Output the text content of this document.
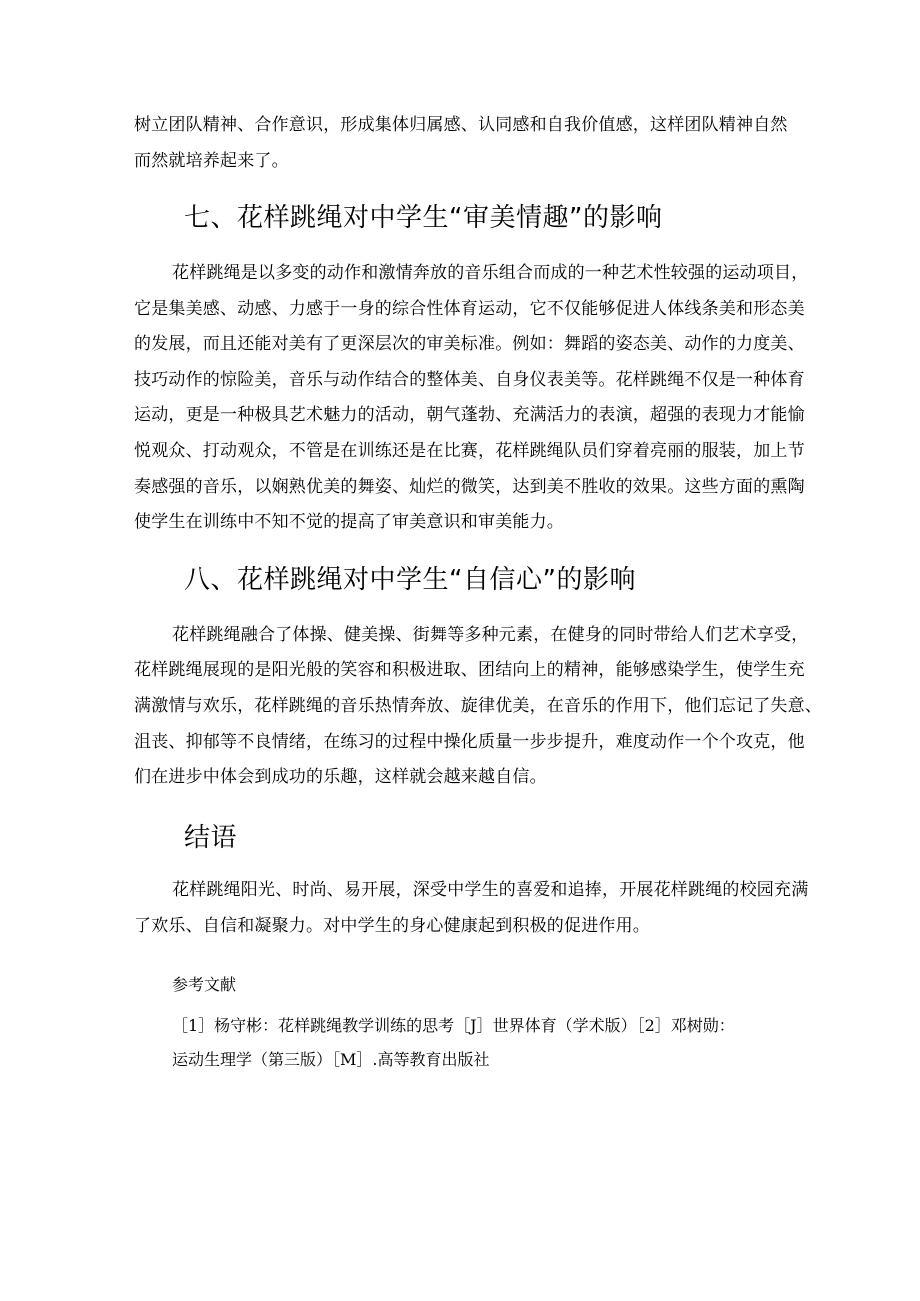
树立团队精神、合作意识，形成集体归属感、认同感和自我价值感，这样团队精神自然
而然就培养起来了。
七、花样跳绳对中学生“审美情趣”的影响
花样跳绳是以多变的动作和激情奔放的音乐组合而成的一种艺术性较强的运动项目，
它是集美感、动感、力感于一身的综合性体育运动，它不仅能够促进人体线条美和形态美
的发展，而且还能对美有了更深层次的审美标准。例如：舞蹈的姿态美、动作的力度美、
技巧动作的惊险美，音乐与动作结合的整体美、自身仪表美等。花样跳绳不仅是一种体育
运动，更是一种极具艺术魅力的活动，朝气蓬勃、充满活力的表演，超强的表现力才能愉
悦观众、打动观众，不管是在训练还是在比赛，花样跳绳队员们穿着亮丽的服装，加上节
奏感强的音乐，以娴熟优美的舞姿、灿烂的微笑，达到美不胜收的效果。这些方面的熏陶
使学生在训练中不知不觉的提高了审美意识和审美能力。
八、花样跳绳对中学生“自信心”的影响
花样跳绳融合了体操、健美操、街舞等多种元素，在健身的同时带给人们艺术享受，
花样跳绳展现的是阳光般的笑容和积极进取、团结向上的精神，能够感染学生，使学生充
满激情与欢乐，花样跳绳的音乐热情奔放、旋律优美，在音乐的作用下，他们忘记了失意、
沮丧、抑郁等不良情绪，在练习的过程中操化质量一步步提升，难度动作一个个攻克，他
们在进步中体会到成功的乐趣，这样就会越来越自信。
结语
花样跳绳阳光、时尚、易开展，深受中学生的喜爱和追捧，开展花样跳绳的校园充满
了欢乐、自信和凝聚力。对中学生的身心健康起到积极的促进作用。
参考文献
［1］杨守彬：花样跳绳教学训练的思考［J］世界体育（学术版）［2］邓树勋：
运动生理学（第三版）［M］.高等教育出版社
